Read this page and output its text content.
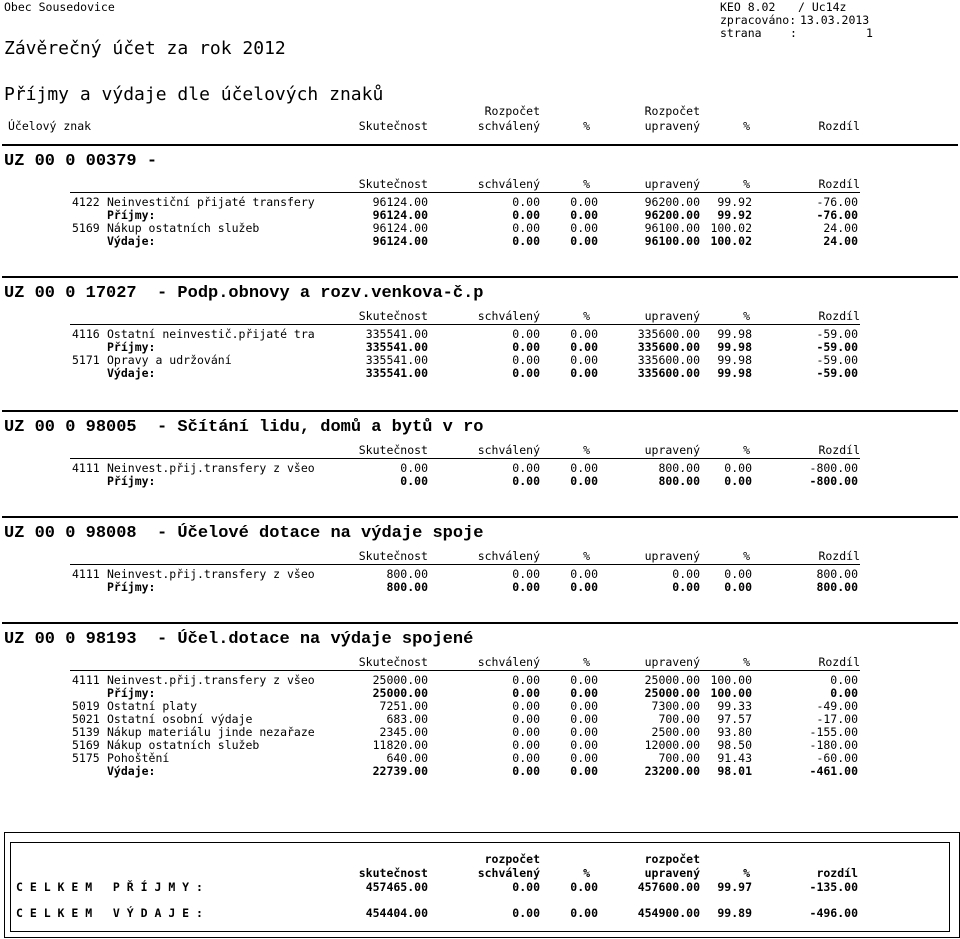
Obec Sousedovice
Závěrečný účet za rok 2012
KEO 8.02 / Uc14z
zpracováno: 13.03.2013
strana :	1
Příjmy a výdaje dle účelových znaků
Rozpočet	Rozpočet
Účelový znak	Skutečnost	schválený	%	upravený	%	Rozdíl
UZ 00 0 00379 -
Skutečnost	schválený	%	upravený	%	Rozdíl
4122 Neinvestiční přijaté transfery	96124.00	0.00	0.00	96200.00	99.92	-76.00
Příjmy:	96124.00	0.00	0.00	96200.00	99.92	-76.00
5169 Nákup ostatních služeb	96124.00	0.00	0.00	96100.00 100.02	24.00
Výdaje:	96124.00	0.00	0.00	96100.00 100.02	24.00
UZ 00 0 17027  - Podp.obnovy a rozv.venkova-č.p
Skutečnost	schválený	%	upravený	%	Rozdíl
4116 Ostatní neinvestič.přijaté tra	335541.00	0.00	0.00	335600.00	99.98	-59.00
Příjmy:	335541.00	0.00	0.00	335600.00	99.98	-59.00
5171 Opravy a udržování	335541.00	0.00	0.00	335600.00	99.98	-59.00
Výdaje:	335541.00	0.00	0.00	335600.00	99.98	-59.00
UZ 00 0 98005  - Sčítání lidu, domů a bytů v ro
Skutečnost	schválený	%	upravený	%	Rozdíl
4111 Neinvest.přij.transfery z všeo	0.00	0.00	0.00	800.00	0.00	-800.00
Příjmy:	0.00	0.00	0.00	800.00	0.00	-800.00
UZ 00 0 98008  - Účelové dotace na výdaje spoje
Skutečnost	schválený	%	upravený	%	Rozdíl
4111 Neinvest.přij.transfery z všeo	800.00	0.00	0.00	0.00	0.00	800.00
Příjmy:	800.00	0.00	0.00	0.00	0.00	800.00
UZ 00 0 98193  - Účel.dotace na výdaje spojené
Skutečnost	schválený	%	upravený	%	Rozdíl
4111 Neinvest.přij.transfery z všeo	25000.00	0.00	0.00	25000.00 100.00	0.00
Příjmy:	25000.00	0.00	0.00	25000.00 100.00	0.00
5019 Ostatní platy	7251.00	0.00	0.00	7300.00	99.33	-49.00
5021 Ostatní osobní výdaje	683.00	0.00	0.00	700.00	97.57	-17.00
5139 Nákup materiálu jinde nezařaze	2345.00	0.00	0.00	2500.00	93.80	-155.00
5169 Nákup ostatních služeb	11820.00	0.00	0.00	12000.00	98.50	-180.00
5175 Pohoštění	640.00	0.00	0.00	700.00	91.43	-60.00
Výdaje:	22739.00	0.00	0.00	23200.00	98.01	-461.00
rozpočet	rozpočet
skutečnost	schválený	%	upravený	%	rozdíl
C E L K E M   P Ř Í J M Y :	457465.00	0.00	0.00	457600.00	99.97	-135.00
C E L K E M   V Ý D A J E :	454404.00	0.00	0.00	454900.00	99.89	-496.00
